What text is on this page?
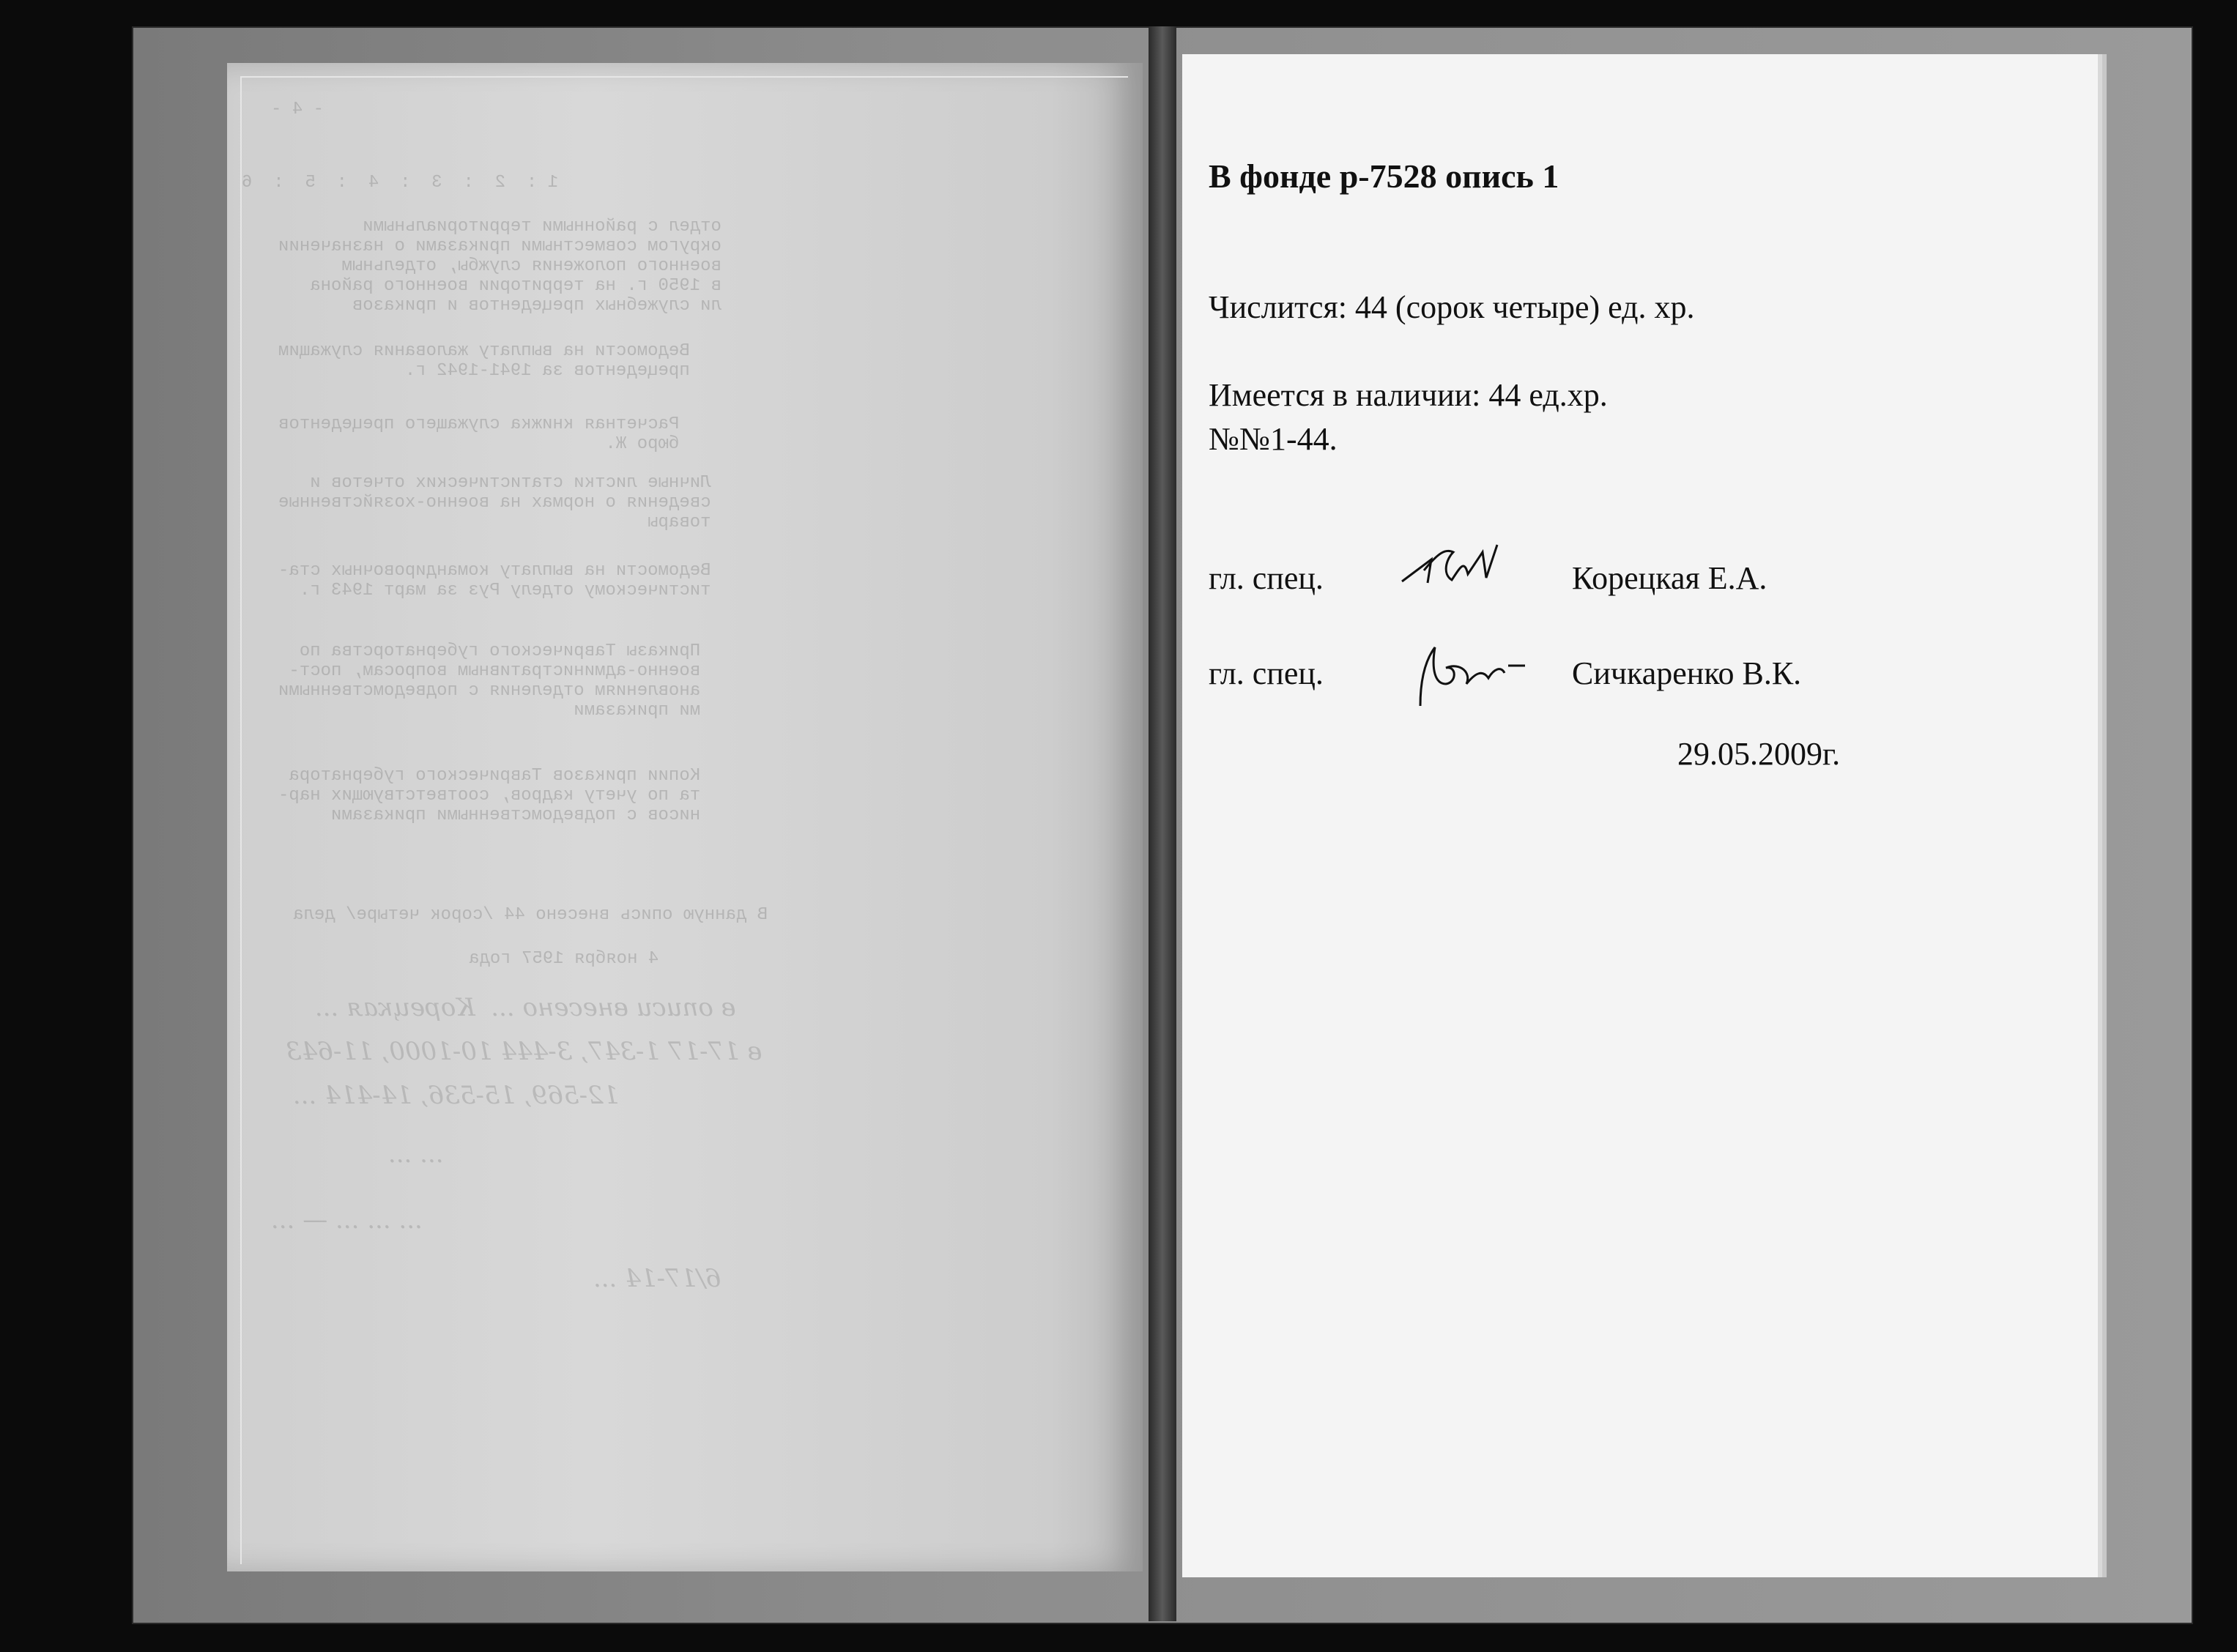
- 4 -
1 :  2  :  3  :  4  :  5  :  6
отдел с районными территориальными
округом совместными приказами о назначении
военного положения службы, отдельным
в 1950 г. на территории военного района
ли служебных прецедентов и приказов
Ведомости на выплату жалования служащим
прецедентов за 1941-1942 г.
Расчетная книжка служащего прецедентов
бюро Ж.
Личные листки статистических отчетов и
сведения о нормах на военно-хозяйственные
товары
Ведомости на выплату командировочных ста-
тистическому отделу Руз за март 1943 г.
Приказы Таврического губернаторства по
военно-административным вопросам, пост-
ановлениям отделения с подведомственными
ми приказами
Копии приказов Таврического губернатора
та по учету кадров, соответствующих нар-
нисов с подведомственными приказами
В данную опись внесено 44 /сорок четыре/ дела
4 ноября 1957 года
в описи внесено ...  Корецкая ...
в 17-17 1-347, 3-444 10-1000, 11-643
12-569, 15-536, 14-414 ...
... ...
... ... ... — ...
6/17-14 ...
В фонде р-7528 опись 1
Числится: 44 (сорок четыре) ед. хр.
Имеется в наличии: 44 ед.хр.
№№1-44.
гл. спец.	Корецкая Е.А.
гл. спец.	Сичкаренко В.К.
29.05.2009г.
